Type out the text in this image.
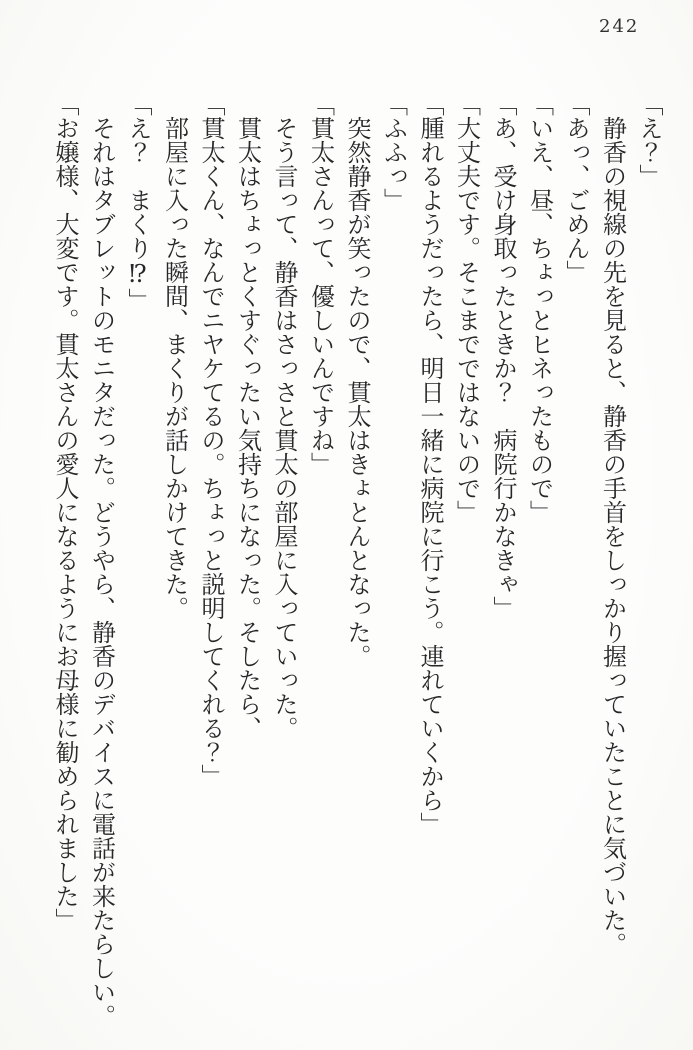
242

「え？」

静香の視線の先を見ると、静香の手首をしっかり握っていたことに気づいた。

「あっ、ごめん」

「いえ、昼、ちょっとヒネったもので」

「あ、受け身取ったときか？　病院行かなきゃ」

「大丈夫です。そこまでではないので」

「腫れるようだったら、明日一緒に病院に行こう。連れていくから」

「ふふっ」

突然静香が笑ったので、貫太はきょとんとなった。

「貫太さんって、優しいんですね」

そう言って、静香はさっさと貫太の部屋に入っていった。

貫太はちょっとくすぐったい気持ちになった。そしたら、

「貫太くん、なんでニヤケてるの。ちょっと説明してくれる？」

部屋に入った瞬間、まくりが話しかけてきた。

「え？　まくり⁉」

それはタブレットのモニタだった。どうやら、静香のデバイスに電話が来たらしい。

「お嬢様、大変です。貫太さんの愛人になるようにお母様に勧められました」
